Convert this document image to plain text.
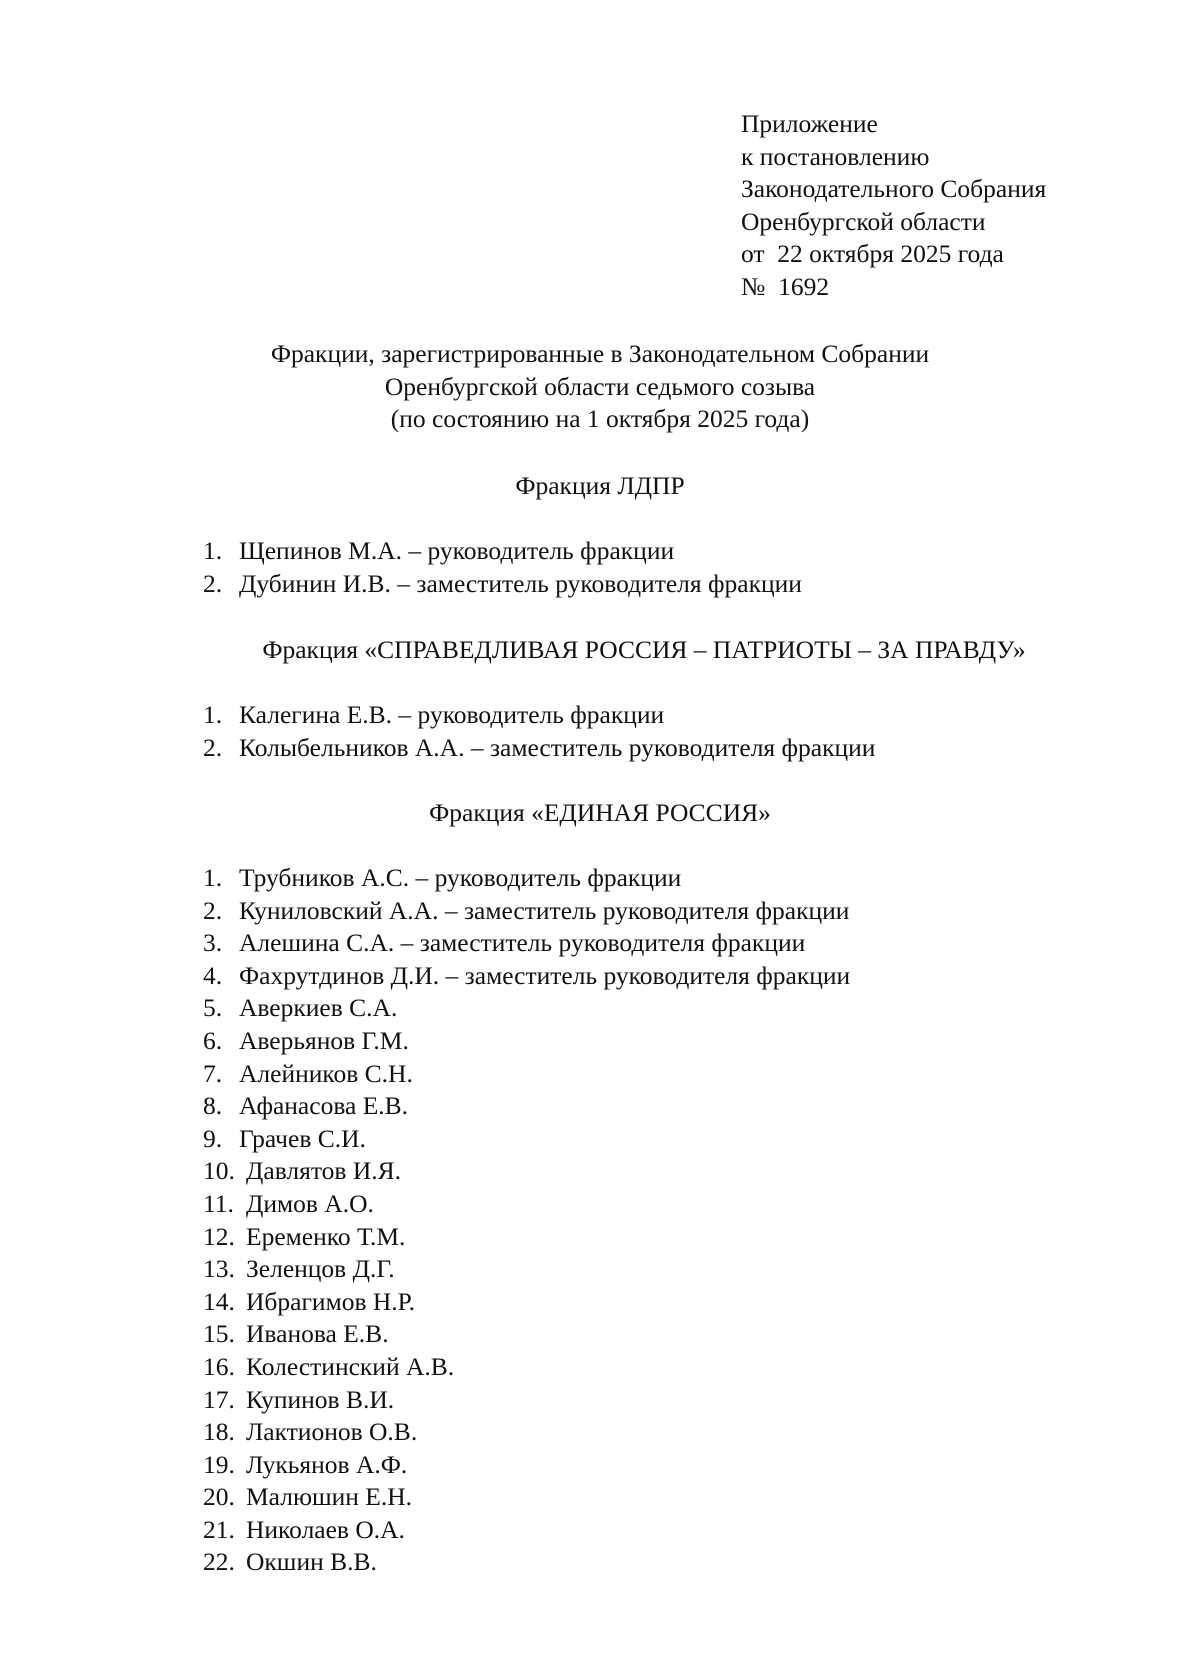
Приложение
к постановлению
Законодательного Собрания
Оренбургской области
от  22 октября 2025 года
№  1692
Фракции, зарегистрированные в Законодательном Собрании
Оренбургской области седьмого созыва
(по состоянию на 1 октября 2025 года)
Фракция ЛДПР
1. Щепинов М.А. – руководитель фракции
2. Дубинин И.В. – заместитель руководителя фракции
Фракция «СПРАВЕДЛИВАЯ РОССИЯ – ПАТРИОТЫ – ЗА ПРАВДУ»
1. Калегина Е.В. – руководитель фракции
2. Колыбельников А.А. – заместитель руководителя фракции
Фракция «ЕДИНАЯ РОССИЯ»
1. Трубников А.С. – руководитель фракции
2. Куниловский А.А. – заместитель руководителя фракции
3. Алешина С.А. – заместитель руководителя фракции
4. Фахрутдинов Д.И. – заместитель руководителя фракции
5. Аверкиев С.А.
6. Аверьянов Г.М.
7. Алейников С.Н.
8. Афанасова Е.В.
9. Грачев С.И.
10. Давлятов И.Я.
11. Димов А.О.
12. Еременко Т.М.
13. Зеленцов Д.Г.
14. Ибрагимов Н.Р.
15. Иванова Е.В.
16. Колестинский А.В.
17. Купинов В.И.
18. Лактионов О.В.
19. Лукьянов А.Ф.
20. Малюшин Е.Н.
21. Николаев О.А.
22. Окшин В.В.
